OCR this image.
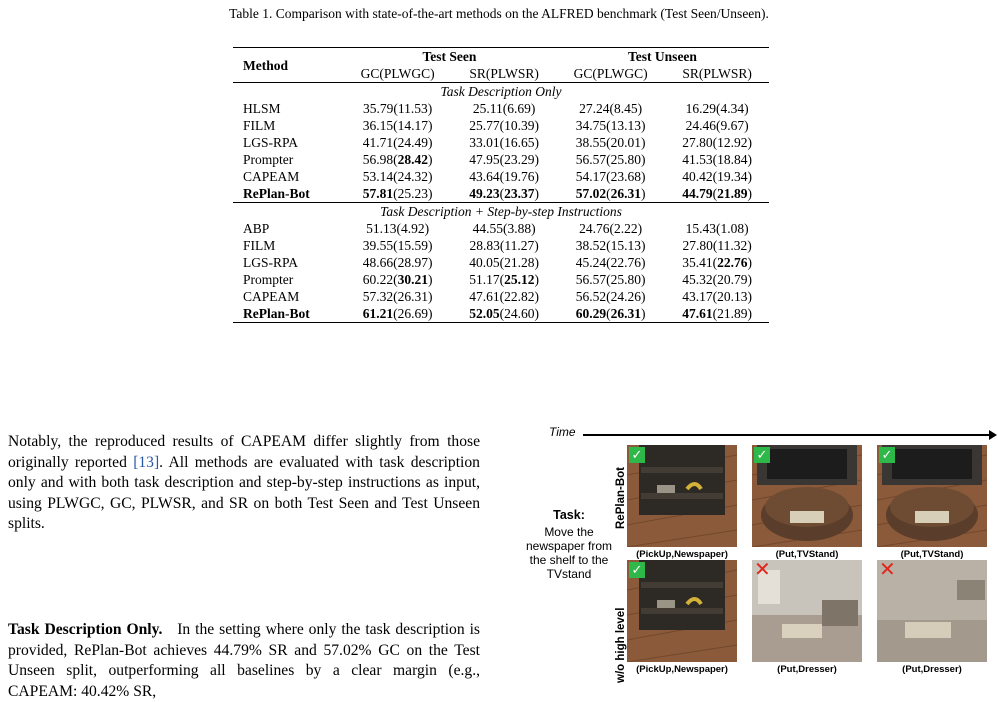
Table 1. Comparison with state-of-the-art methods on the ALFRED benchmark (Test Seen/Unseen).
Method	Test Seen		Test Unseen	
	GC(PLWGC)	SR(PLWSR)	GC(PLWGC)	SR(PLWSR)
Task Description Only				
HLSM	35.79(11.53)	25.11(6.69)	27.24(8.45)	16.29(4.34)
FILM	36.15(14.17)	25.77(10.39)	34.75(13.13)	24.46(9.67)
LGS-RPA	41.71(24.49)	33.01(16.65)	38.55(20.01)	27.80(12.92)
Prompter	56.98(28.42)	47.95(23.29)	56.57(25.80)	41.53(18.84)
CAPEAM	53.14(24.32)	43.64(19.76)	54.17(23.68)	40.42(19.34)
RePlan-Bot	57.81(25.23)	49.23(23.37)	57.02(26.31)	44.79(21.89)
Task Description + Step-by-step Instructions				
ABP	51.13(4.92)	44.55(3.88)	24.76(2.22)	15.43(1.08)
FILM	39.55(15.59)	28.83(11.27)	38.52(15.13)	27.80(11.32)
LGS-RPA	48.66(28.97)	40.05(21.28)	45.24(22.76)	35.41(22.76)
Prompter	60.22(30.21)	51.17(25.12)	56.57(25.80)	45.32(20.79)
CAPEAM	57.32(26.31)	47.61(22.82)	56.52(24.26)	43.17(20.13)
RePlan-Bot	61.21(26.69)	52.05(24.60)	60.29(26.31)	47.61(21.89)
Notably, the reproduced results of CAPEAM differ slightly from those originally reported [13]. All methods are evaluated with task description only and with both task description and step-by-step instructions as input, using PLWGC, GC, PLWSR, and SR on both Test Seen and Test Unseen splits.
Task Description Only. In the setting where only the task description is provided, RePlan-Bot achieves 44.79% SR and 57.02% GC on the Test Unseen split, outperforming all baselines by a clear margin (e.g., CAPEAM: 40.42% SR,
Time
Task:
Move the newspaper from the shelf to the TVstand
RePlan-Bot
w/o high level
✓
(PickUp,Newspaper)
✓
(Put,TVStand)
✓
(Put,TVStand)
✓
(PickUp,Newspaper)
✕
(Put,Dresser)
✕
(Put,Dresser)
